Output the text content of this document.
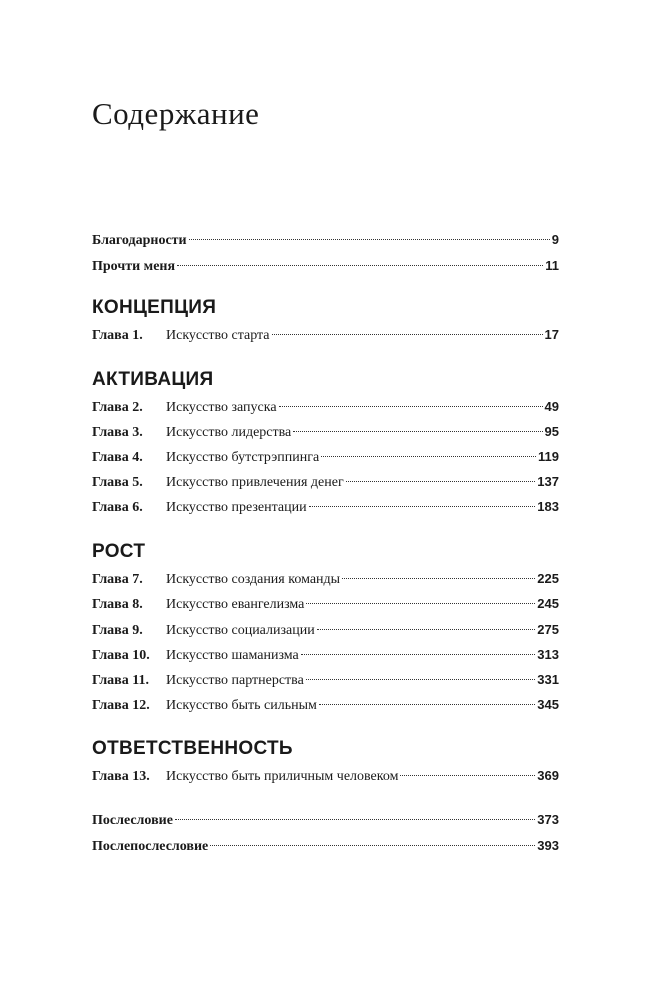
Содержание
Благодарности	9
Прочти меня	11
КОНЦЕПЦИЯ
Глава 1.	Искусство старта	17
АКТИВАЦИЯ
Глава 2.	Искусство запуска	49
Глава 3.	Искусство лидерства	95
Глава 4.	Искусство бутстрэппинга	119
Глава 5.	Искусство привлечения денег	137
Глава 6.	Искусство презентации	183
РОСТ
Глава 7.	Искусство создания команды	225
Глава 8.	Искусство евангелизма	245
Глава 9.	Искусство социализации	275
Глава 10.	Искусство шаманизма	313
Глава 11.	Искусство партнерства	331
Глава 12.	Искусство быть сильным	345
ОТВЕТСТВЕННОСТЬ
Глава 13.	Искусство быть приличным человеком	369
Послесловие	373
Послепослесловие	393
